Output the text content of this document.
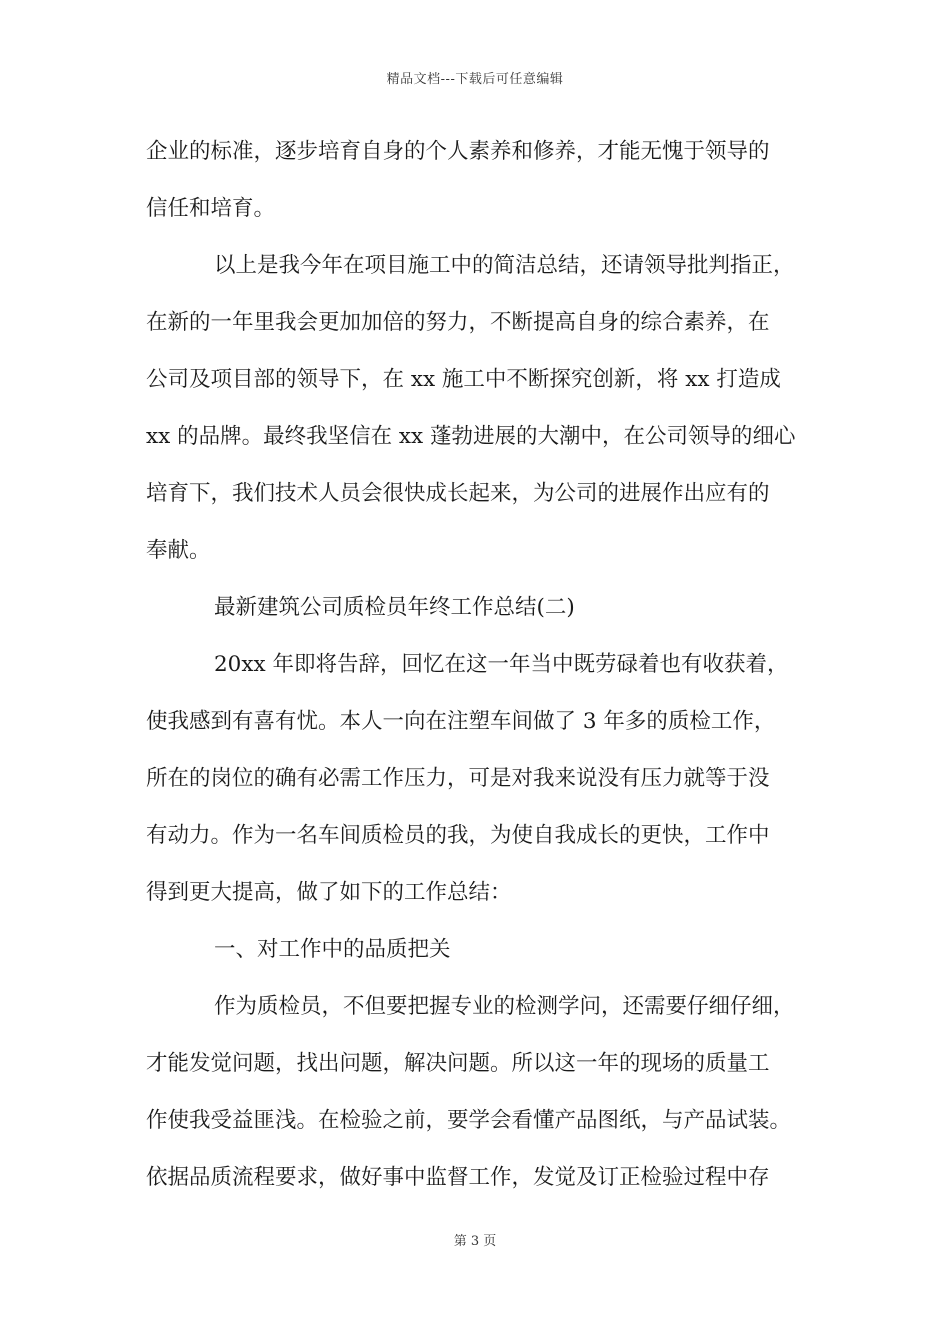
精品文档---下载后可任意编辑
企业的标准，逐步培育自身的个人素养和修养，才能无愧于领导的
信任和培育。
以上是我今年在项目施工中的简洁总结，还请领导批判指正，
在新的一年里我会更加加倍的努力，不断提高自身的综合素养，在
公司及项目部的领导下，在 xx 施工中不断探究创新，将 xx 打造成
xx 的品牌。最终我坚信在 xx 蓬勃进展的大潮中，在公司领导的细心
培育下，我们技术人员会很快成长起来，为公司的进展作出应有的
奉献。
最新建筑公司质检员年终工作总结(二)
20xx 年即将告辞，回忆在这一年当中既劳碌着也有收获着，
使我感到有喜有忧。本人一向在注塑车间做了 3 年多的质检工作，
所在的岗位的确有必需工作压力，可是对我来说没有压力就等于没
有动力。作为一名车间质检员的我，为使自我成长的更快，工作中
得到更大提高，做了如下的工作总结：
一、对工作中的品质把关
作为质检员，不但要把握专业的检测学问，还需要仔细仔细，
才能发觉问题，找出问题，解决问题。所以这一年的现场的质量工
作使我受益匪浅。在检验之前，要学会看懂产品图纸，与产品试装。
依据品质流程要求，做好事中监督工作，发觉及订正检验过程中存
第 3 页
